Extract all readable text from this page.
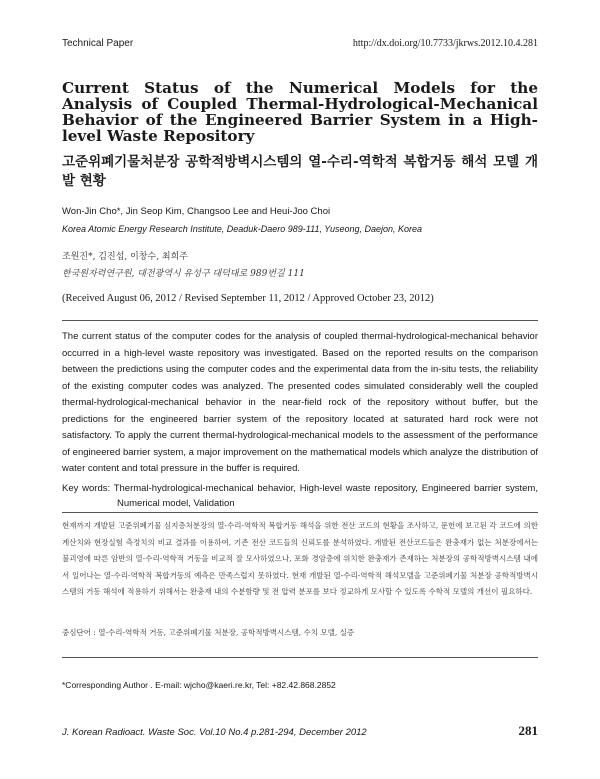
Technical Paper	http://dx.doi.org/10.7733/jkrws.2012.10.4.281
Current Status of the Numerical Models for the Analysis of Coupled Thermal-Hydrological-Mechanical Behavior of the Engineered Barrier System in a High-level Waste Repository
고준위폐기물처분장 공학적방벽시스템의 열-수리-역학적 복합거동 해석 모델 개발 현황
Won-Jin Cho*, Jin Seop Kim, Changsoo Lee and Heui-Joo Choi
Korea Atomic Energy Research Institute, Deaduk-Daero 989-111, Yuseong, Daejon, Korea
조원진*, 김진섭, 이창수, 최희주
한국원자력연구원, 대전광역시 유성구 대덕대로 989번길 111
(Received August 06, 2012 / Revised September 11, 2012 / Approved October 23, 2012)

The current status of the computer codes for the analysis of coupled thermal-hydrological-mechanical behavior occurred in a high-level waste repository was investigated. Based on the reported results on the comparison between the predictions using the computer codes and the experimental data from the in-situ tests, the reliability of the existing computer codes was analyzed. The presented codes simulated considerably well the coupled thermal-hydrological-mechanical behavior in the near-field rock of the repository without buffer, but the predictions for the engineered barrier system of the repository located at saturated hard rock were not satisfactory. To apply the current thermal-hydrological-mechanical models to the assessment of the performance of engineered barrier system, a major improvement on the mathematical models which analyze the distribution of water content and total pressure in the buffer is required.

Key words: Thermal-hydrological-mechanical behavior, High-level waste repository, Engineered barrier system, Numerical model, Validation

현재까지 개발된 고준위폐기물 심지층처분장의 열-수리-역학적 복합거동 해석을 위한 전산 코드의 현황을 조사하고, 문헌에 보고된 각 코드에 의한 계산치와 현장실험 측정치의 비교 결과를 이용하여, 기존 전산 코드들의 신뢰도를 분석하였다. 개발된 전산코드들은 완충재가 없는 처분장에서는 불괴영에 따른 암반의 열-수리-역학적 거동을 비교적 잘 모사하였으나, 포화 경암층에 위치한 완충재가 존재하는 처분장의 공학적방벽시스템 내에서 일어나는 열-수리-역학적 복합거동의 예측은 만족스럽지 못하였다. 현재 개발된 열-수리-역학적 해석모델을 고준위폐기물 처분장 공학적방벽시스템의 거동 해석에 적용하기 위해서는 완충재 내의 수분함량 및 전 압력 분포를 보다 정교하게 모사할 수 있도록 수학적 모델의 개선이 필요하다.

중심단어 : 열-수리-역학적 거동, 고준위폐기물 처분장, 공학적방벽시스템, 수치 모델, 실증
*Corresponding Author . E-mail: wjcho@kaeri.re.kr, Tel: +82.42.868.2852
J. Korean Radioact. Waste Soc. Vol.10 No.4 p.281-294, December 2012	281
